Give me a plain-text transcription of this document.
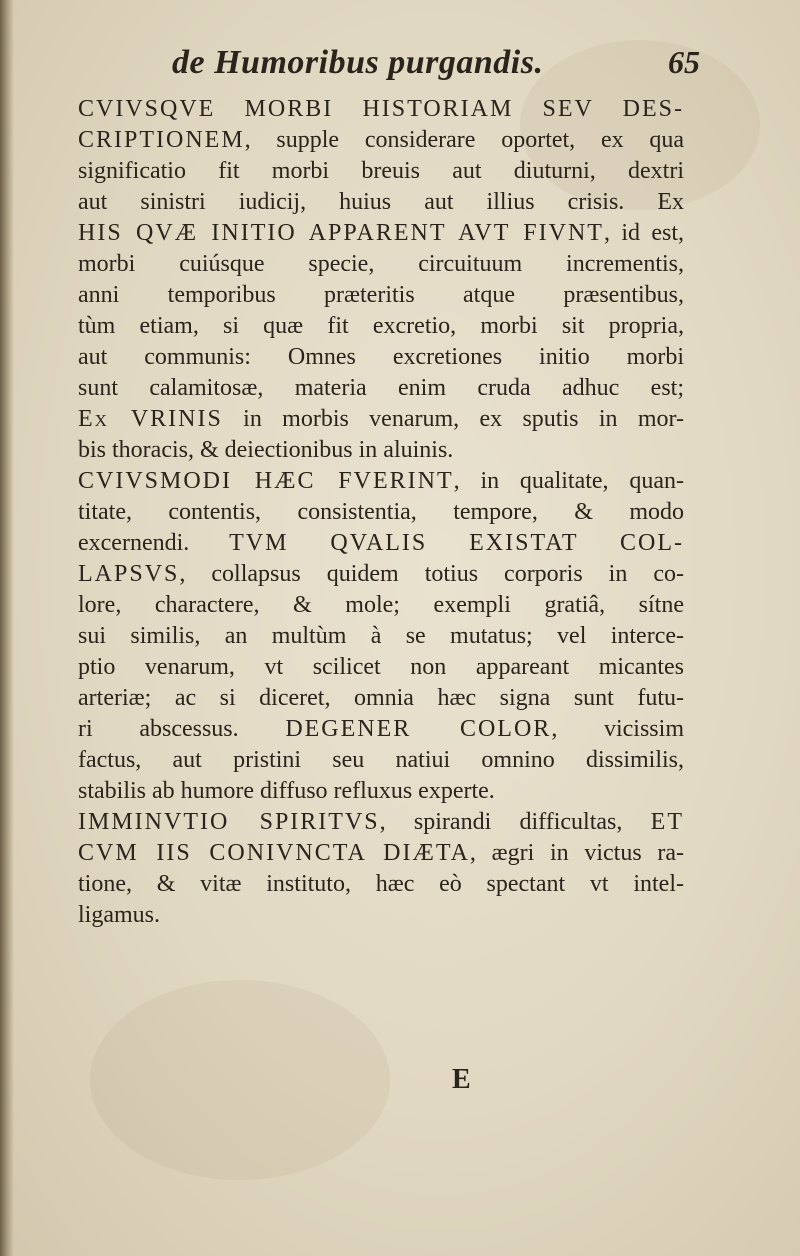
de Humoribus purgandis.	65
CVIVSQVE MORBI HISTORIAM SEV DES-
CRIPTIONEM, supple considerare oportet, ex qua
significatio fit morbi breuis aut diuturni, dextri
aut sinistri iudicij, huius aut illius crisis. Ex
HIS QVÆ INITIO APPARENT AVT FIVNT, id est,
morbi cuiúsque specie, circuituum incrementis,
anni temporibus præteritis atque præsentibus,
tùm etiam, si quæ fit excretio, morbi sit propria,
aut communis: Omnes excretiones initio morbi
sunt calamitosæ, materia enim cruda adhuc est;
Ex VRINIS in morbis venarum, ex sputis in mor-
bis thoracis, & deiectionibus in aluinis.
CVIVSMODI HÆC FVERINT, in qualitate, quan-
titate, contentis, consistentia, tempore, & modo
excernendi. TVM QVALIS EXISTAT COL-
LAPSVS, collapsus quidem totius corporis in co-
lore, charactere, & mole; exempli gratiâ, sítne
sui similis, an multùm à se mutatus; vel interce-
ptio venarum, vt scilicet non appareant micantes
arteriæ; ac si diceret, omnia hæc signa sunt futu-
ri abscessus. DEGENER COLOR, vicissim
factus, aut pristini seu natiui omnino dissimilis,
stabilis ab humore diffuso refluxus experte.
IMMINVTIO SPIRITVS, spirandi difficultas, ET
CVM IIS CONIVNCTA DIÆTA, ægri in victus ra-
tione, & vitæ instituto, hæc eò spectant vt intel-
ligamus.
E
